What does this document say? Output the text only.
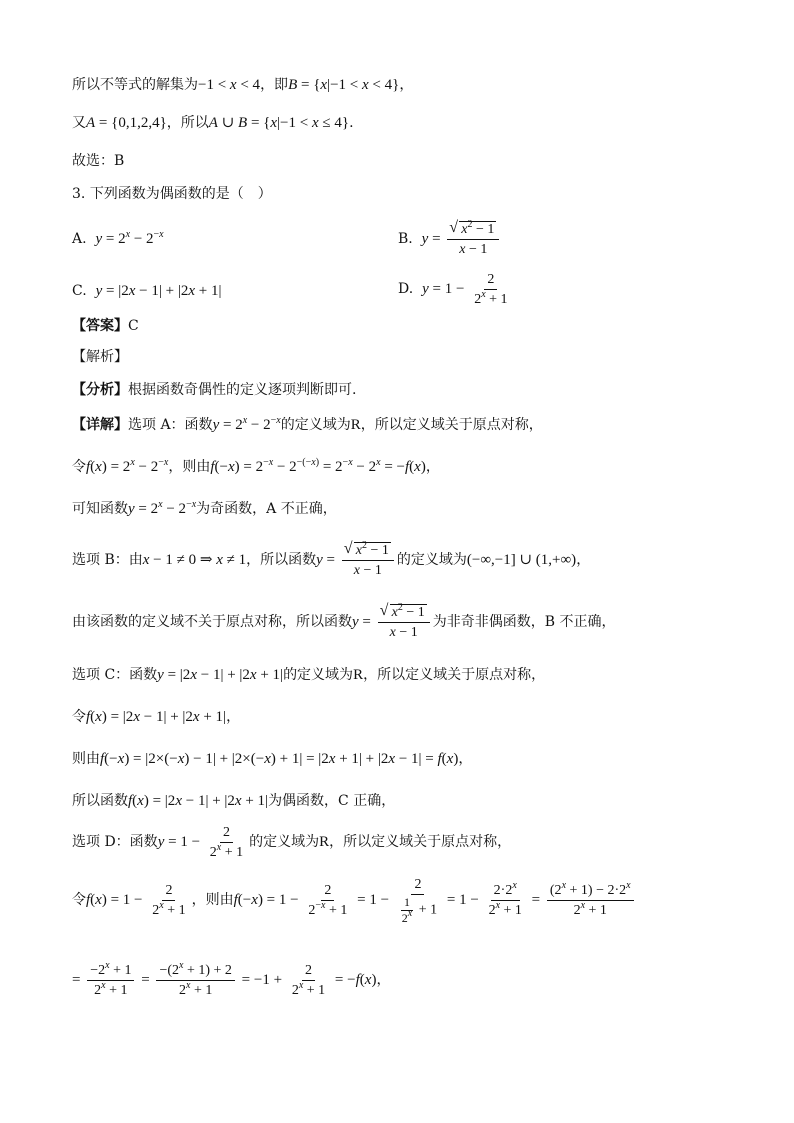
所以不等式的解集为−1 < x < 4，即B = {x|−1 < x < 4}，
又A = {0,1,2,4}，所以A ∪ B = {x|−1 < x ≤ 4}.
故选：B
3. 下列函数为偶函数的是（　）
A. $y = 2^x - 2^{-x}$	B. y = √ $\frac{x^2 - 1}{x - 1}$
C. y = |2x − 1| + |2x + 1|	D. $y = 1 - \frac{2}{2^x + 1}$
【答案】C
【解析】
【分析】根据函数奇偶性的定义逐项判断即可.
【详解】选项 A：函数$y = 2^x - 2^{-x}$的定义域为R，所以定义域关于原点对称，
令$f(x) = 2^x - 2^{-x}$，则由$f(-x) = 2^{-x} - 2^{-(-x)} = 2^{-x} - 2^x = -f(x)$，
可知函数$y = 2^x - 2^{-x}$为奇函数，A 不正确，
选项 B：由x − 1 ≠ 0 ⇒ x ≠ 1，所以函数y = √ $\frac{x^2 - 1}{x - 1}$ 的定义域为(−∞,−1] ∪ (1,+∞)，
由该函数的定义域不关于原点对称，所以函数y = √ $\frac{x^2 - 1}{x - 1}$ 为非奇非偶函数，B 不正确，
选项 C：函数y = |2x − 1| + |2x + 1|的定义域为R，所以定义域关于原点对称，
令f(x) = |2x − 1| + |2x + 1|，
则由f(−x) = |2×(−x) − 1| + |2×(−x) + 1| = |2x + 1| + |2x − 1| = f(x)，
所以函数f(x) = |2x − 1| + |2x + 1|为偶函数，C 正确，
选项 D：函数$y = 1 - \frac{2}{2^x + 1}$ 的定义域为R，所以定义域关于原点对称，
令$f(x) = 1 - \frac{2}{2^x + 1}$ ，则由$f(-x) = 1 - \frac{2}{2^{-x} + 1} = 1 - \frac{2}{\frac{1}{2^x} + 1} = 1 - \frac{2\cdot 2^x}{2^x + 1} = \frac{(2^x + 1) - 2\cdot 2^x}{2^x + 1}$
= $\frac{-2^x + 1}{2^x + 1} = \frac{-(2^x + 1) + 2}{2^x + 1} = -1 + \frac{2}{2^x + 1} = -f(x)$，
